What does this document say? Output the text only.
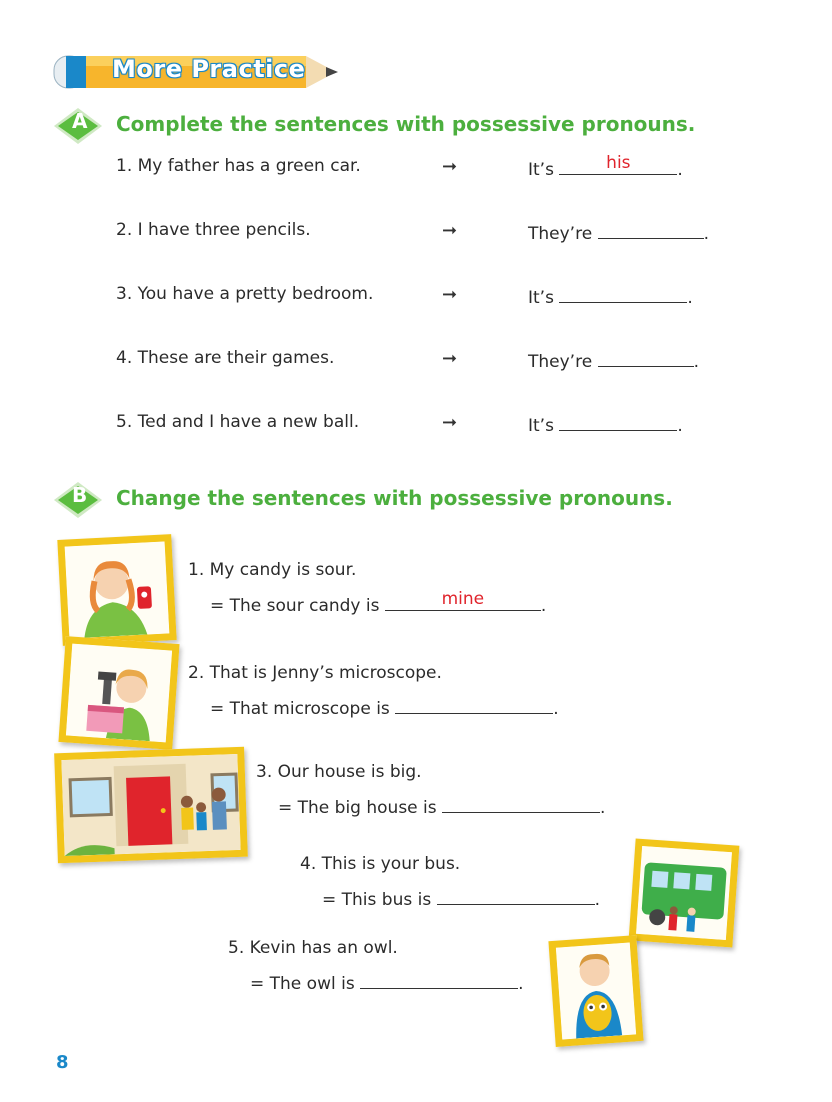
More Practice
A Complete the sentences with possessive pronouns.
1. My father has a green car.	➞	It’s	his	.
2. I have three pencils.	➞	They’re	.
3. You have a pretty bedroom.	➞	It’s	.
4. These are their games.	➞	They’re	.
5. Ted and I have a new ball.	➞	It’s	.
B Change the sentences with possessive pronouns.
1. My candy is sour.
= The sour candy is	mine	.
2. That is Jenny’s microscope.
= That microscope is	.
3. Our house is big.
= The big house is	.
4. This is your bus.
= This bus is	.
5. Kevin has an owl.
= The owl is	.
8
